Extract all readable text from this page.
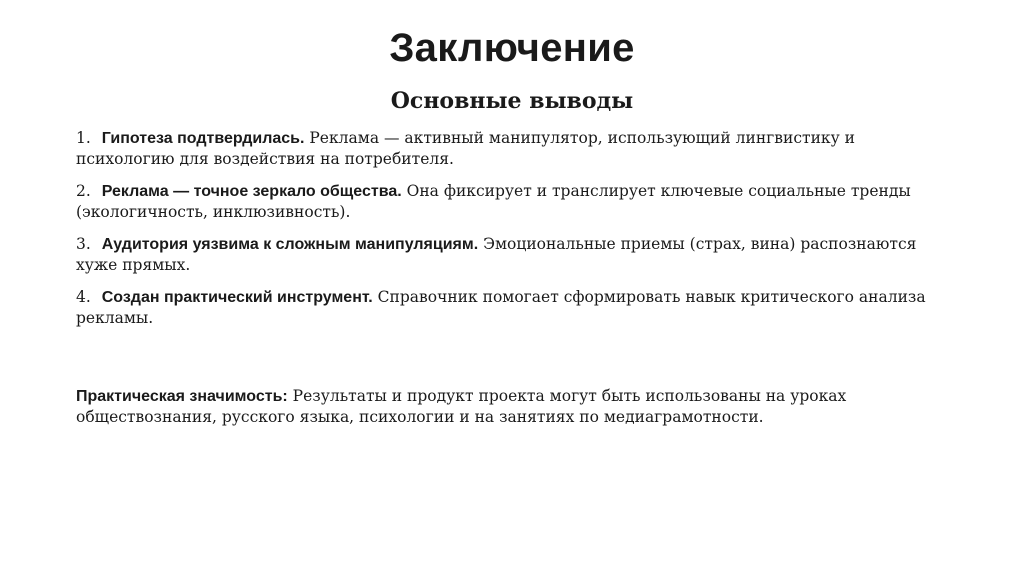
Заключение
Основные выводы
1. Гипотеза подтвердилась. Реклама — активный манипулятор, использующий лингвистику и психологию для воздействия на потребителя.
2. Реклама — точное зеркало общества. Она фиксирует и транслирует ключевые социальные тренды (экологичность, инклюзивность).
3. Аудитория уязвима к сложным манипуляциям. Эмоциональные приемы (страх, вина) распознаются хуже прямых.
4. Создан практический инструмент. Справочник помогает сформировать навык критического анализа рекламы.

Практическая значимость: Результаты и продукт проекта могут быть использованы на уроках обществознания, русского языка, психологии и на занятиях по медиаграмотности.
